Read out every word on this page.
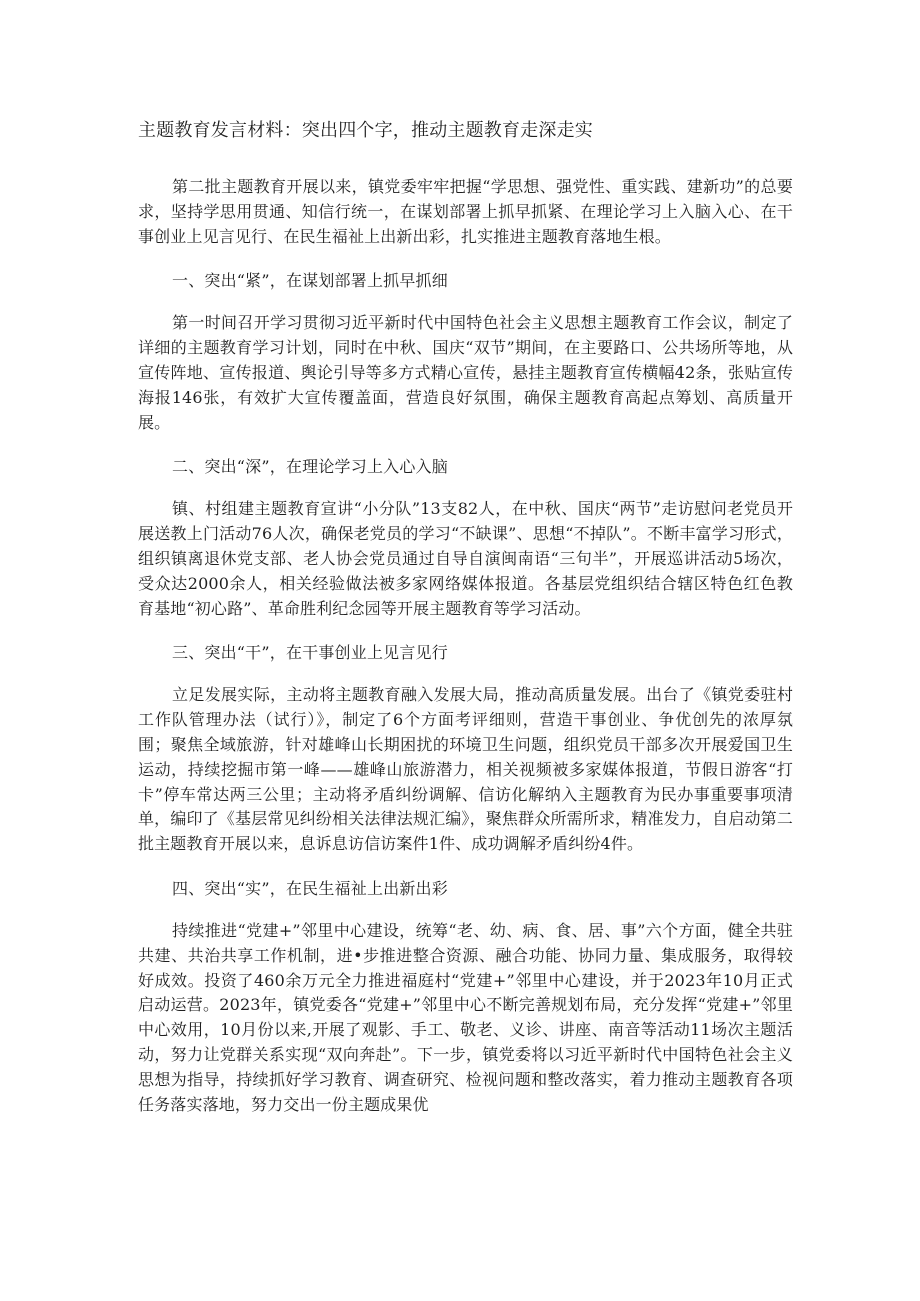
主题教育发言材料：突出四个字，推动主题教育走深走实

第二批主题教育开展以来，镇党委牢牢把握“学思想、强党性、重实践、建新功”的总要求，坚持学思用贯通、知信行统一，在谋划部署上抓早抓紧、在理论学习上入脑入心、在干事创业上见言见行、在民生福祉上出新出彩，扎实推进主题教育落地生根。

一、突出“紧”，在谋划部署上抓早抓细

第一时间召开学习贯彻习近平新时代中国特色社会主义思想主题教育工作会议，制定了详细的主题教育学习计划，同时在中秋、国庆“双节”期间，在主要路口、公共场所等地，从宣传阵地、宣传报道、舆论引导等多方式精心宣传，悬挂主题教育宣传横幅42条，张贴宣传海报146张，有效扩大宣传覆盖面，营造良好氛围，确保主题教育高起点筹划、高质量开展。

二、突出“深”，在理论学习上入心入脑

镇、村组建主题教育宣讲“小分队”13支82人，在中秋、国庆“两节”走访慰问老党员开展送教上门活动76人次，确保老党员的学习“不缺课”、思想“不掉队”。不断丰富学习形式，组织镇离退休党支部、老人协会党员通过自导自演闽南语“三句半”，开展巡讲活动5场次，受众达2000余人，相关经验做法被多家网络媒体报道。各基层党组织结合辖区特色红色教育基地“初心路”、革命胜利纪念园等开展主题教育等学习活动。

三、突出“干”，在干事创业上见言见行

立足发展实际，主动将主题教育融入发展大局，推动高质量发展。出台了《镇党委驻村工作队管理办法（试行）》，制定了6个方面考评细则，营造干事创业、争优创先的浓厚氛围；聚焦全域旅游，针对雄峰山长期困扰的环境卫生问题，组织党员干部多次开展爱国卫生运动，持续挖掘市第一峰——雄峰山旅游潜力，相关视频被多家媒体报道，节假日游客“打卡”停车常达两三公里；主动将矛盾纠纷调解、信访化解纳入主题教育为民办事重要事项清单，编印了《基层常见纠纷相关法律法规汇编》，聚焦群众所需所求，精准发力，自启动第二批主题教育开展以来，息诉息访信访案件1件、成功调解矛盾纠纷4件。

四、突出“实”，在民生福祉上出新出彩

持续推进“党建+”邻里中心建设，统筹“老、幼、病、食、居、事”六个方面，健全共驻共建、共治共享工作机制，进•步推进整合资源、融合功能、协同力量、集成服务，取得较好成效。投资了460余万元全力推进福庭村“党建+”邻里中心建设，并于2023年10月正式启动运营。2023年，镇党委各“党建+”邻里中心不断完善规划布局，充分发挥“党建+”邻里中心效用，10月份以来,开展了观影、手工、敬老、义诊、讲座、南音等活动11场次主题活动，努力让党群关系实现“双向奔赴”。下一步，镇党委将以习近平新时代中国特色社会主义思想为指导，持续抓好学习教育、调查研究、检视问题和整改落实，着力推动主题教育各项任务落实落地，努力交出一份主题成果优
